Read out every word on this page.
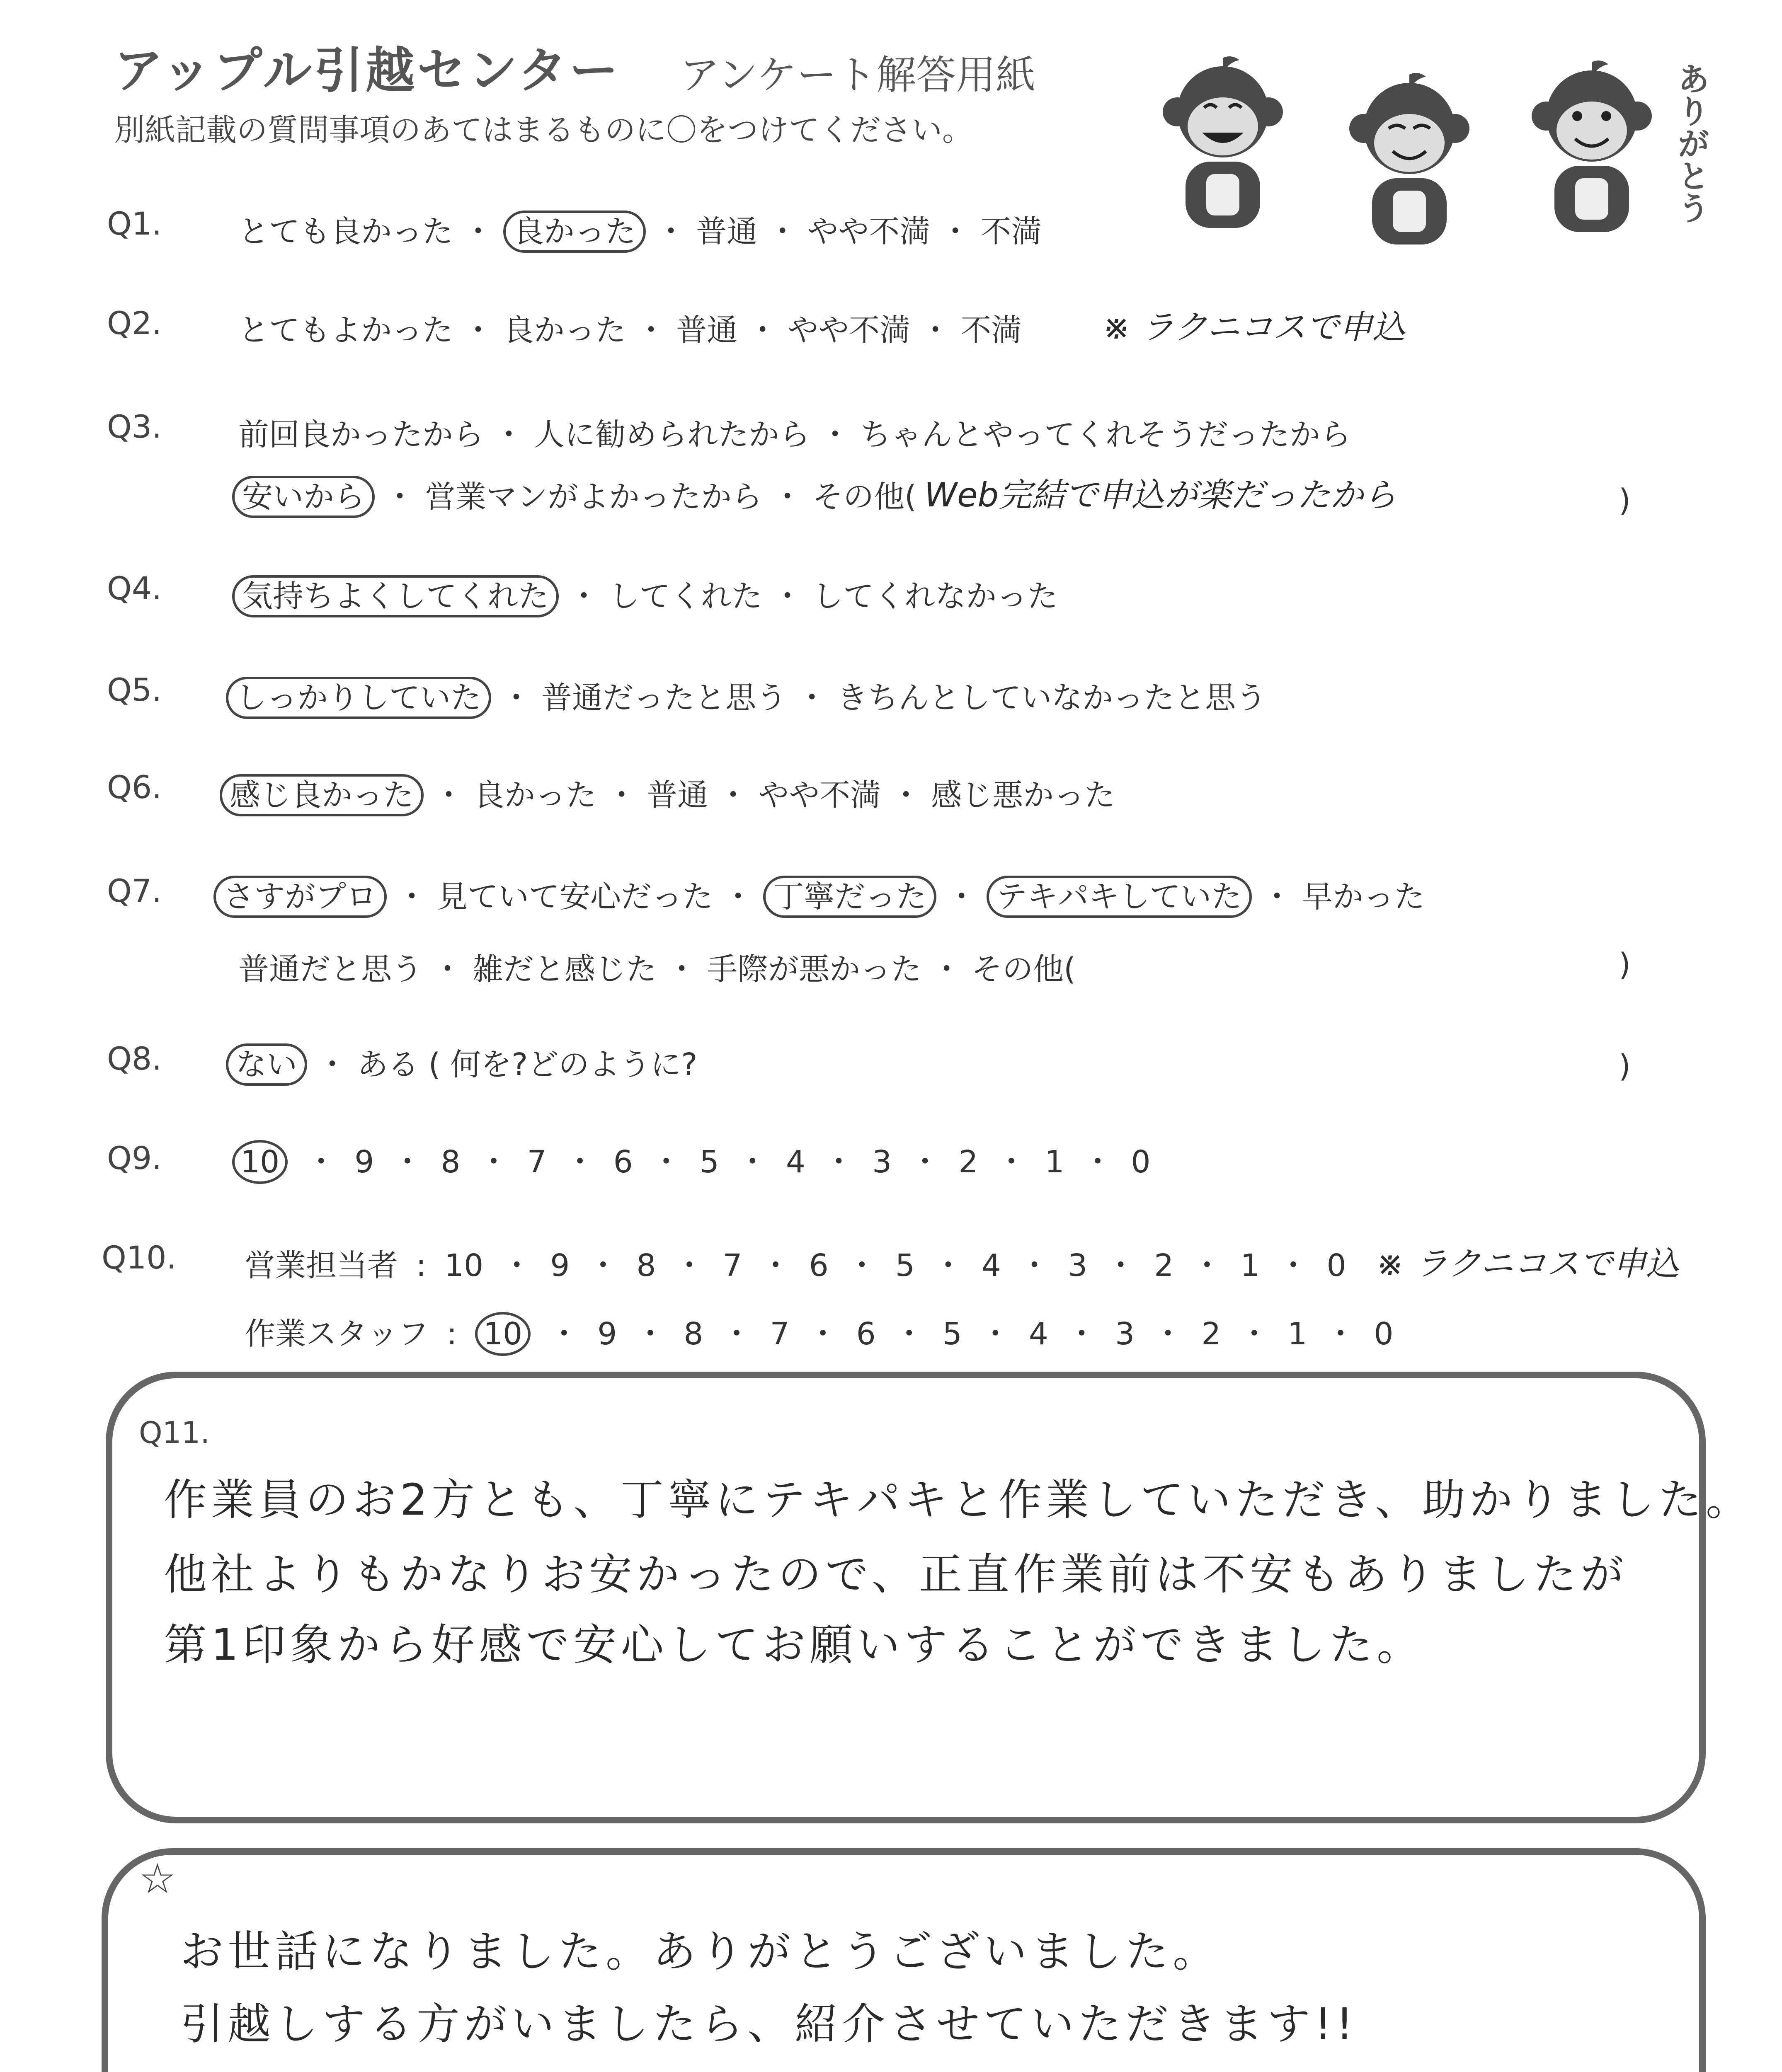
アップル引越センター アンケート解答用紙
別紙記載の質問事項のあてはまるものに〇をつけてください。	ありがとう
Q1. とても良かった ・ 良かった ・ 普通 ・ やや不満 ・ 不満
Q2. とてもよかった ・ 良かった ・ 普通 ・ やや不満 ・ 不満 ※ ラクニコスで申込
Q3. 前回良かったから ・ 人に勧められたから ・ ちゃんとやってくれそうだったから
安いから ・ 営業マンがよかったから ・ その他( Web完結で申込が楽だったから	)
Q4.	気持ちよくしてくれた ・ してくれた ・ してくれなかった
Q5.	しっかりしていた ・ 普通だったと思う ・ きちんとしていなかったと思う
Q6.	感じ良かった ・ 良かった ・ 普通 ・ やや不満 ・ 感じ悪かった
Q7.	さすがプロ ・ 見ていて安心だった ・ 丁寧だった ・ テキパキしていた ・ 早かった
普通だと思う ・ 雑だと感じた ・ 手際が悪かった ・ その他(	)
Q8.	ない ・ ある ( 何を?どのように?	)
Q9.	10 ・ 9 ・ 8 ・ 7 ・ 6 ・ 5 ・ 4 ・ 3 ・ 2 ・ 1 ・ 0
Q10. 営業担当者 : 10 ・ 9 ・ 8 ・ 7 ・ 6 ・ 5 ・ 4 ・ 3 ・ 2 ・ 1 ・ 0 ※ ラクニコスで申込
作業スタッフ : 10 ・ 9 ・ 8 ・ 7 ・ 6 ・ 5 ・ 4 ・ 3 ・ 2 ・ 1 ・ 0
Q11.
作業員のお2方とも、丁寧にテキパキと作業していただき、助かりました。
他社よりもかなりお安かったので、正直作業前は不安もありましたが
第1印象から好感で安心してお願いすることができました。
☆
お世話になりました。ありがとうございました。
引越しする方がいましたら、紹介させていただきます!!
